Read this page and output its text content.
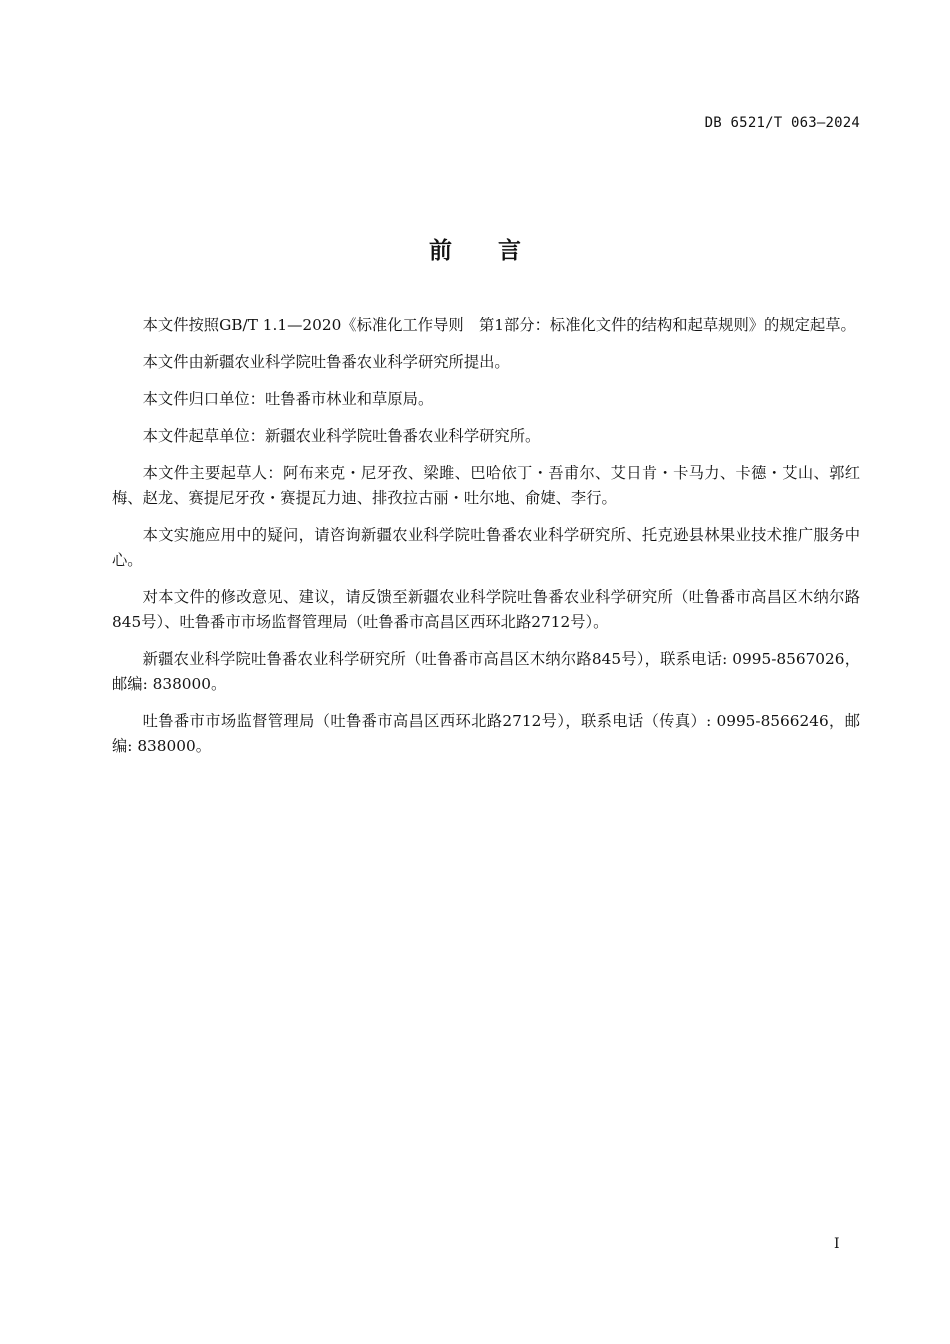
DB 6521/T 063—2024
前言

本文件按照GB/T 1.1—2020《标准化工作导则　第1部分：标准化文件的结构和起草规则》的规定起草。

本文件由新疆农业科学院吐鲁番农业科学研究所提出。

本文件归口单位：吐鲁番市林业和草原局。

本文件起草单位：新疆农业科学院吐鲁番农业科学研究所。

本文件主要起草人：阿布来克・尼牙孜、梁雎、巴哈依丁・吾甫尔、艾日肯・卡马力、卡德・艾山、郭红梅、赵龙、赛提尼牙孜・赛提瓦力迪、排孜拉古丽・吐尔地、俞婕、李行。

本文实施应用中的疑问，请咨询新疆农业科学院吐鲁番农业科学研究所、托克逊县林果业技术推广服务中心。

对本文件的修改意见、建议，请反馈至新疆农业科学院吐鲁番农业科学研究所（吐鲁番市高昌区木纳尔路845号）、吐鲁番市市场监督管理局（吐鲁番市高昌区西环北路2712号）。

新疆农业科学院吐鲁番农业科学研究所（吐鲁番市高昌区木纳尔路845号），联系电话: 0995-8567026，邮编: 838000。

吐鲁番市市场监督管理局（吐鲁番市高昌区西环北路2712号），联系电话（传真）: 0995-8566246，邮编: 838000。

I
